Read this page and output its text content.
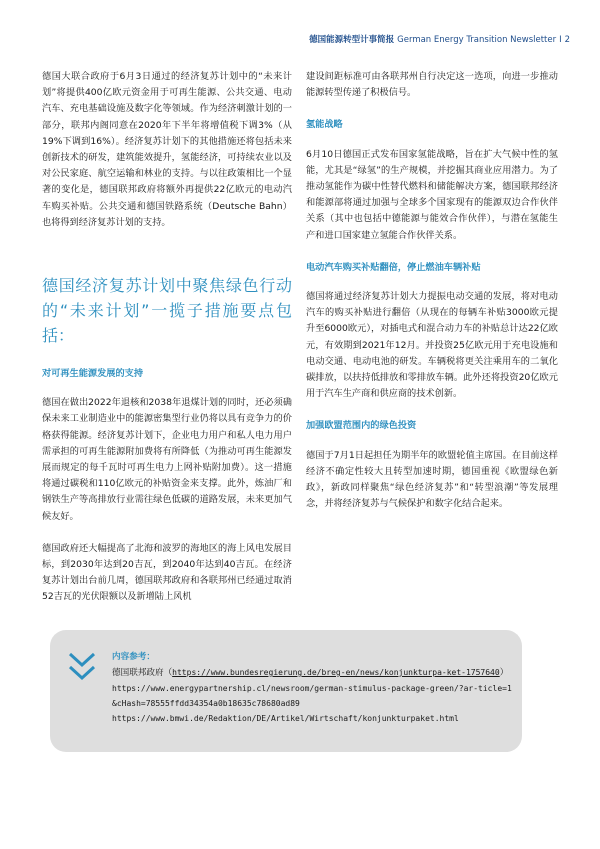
德国能源转型计事简报 German Energy Transition Newsletter I 2

德国大联合政府于6月3日通过的经济复苏计划中的“未来计划”将提供400亿欧元资金用于可再生能源、公共交通、电动汽车、充电基础设施及数字化等领域。作为经济刺激计划的一部分，联邦内阁同意在2020年下半年将增值税下调3%（从19%下调到16%）。经济复苏计划下的其他措施还将包括未来创新技术的研发，建筑能效提升，氢能经济，可持续农业以及对公民家庭、航空运输和林业的支持。与以往政策相比一个显著的变化是，德国联邦政府将额外再提供22亿欧元的电动汽车购买补贴。公共交通和德国铁路系统（Deutsche Bahn）也将得到经济复苏计划的支持。

德国经济复苏计划中聚焦绿色行动的“未来计划”一揽子措施要点包括：
对可再生能源发展的支持

德国在做出2022年退核和2038年退煤计划的同时，还必须确保未来工业制造业中的能源密集型行业仍将以具有竞争力的价格获得能源。经济复苏计划下，企业电力用户和私人电力用户需承担的可再生能源附加费将有所降低（为推动可再生能源发展而规定的每千瓦时可再生电力上网补贴附加费）。这一措施将通过碳税和110亿欧元的补贴资金来支撑。此外，炼油厂和钢铁生产等高排放行业需往绿色低碳的道路发展，未来更加气候友好。

德国政府还大幅提高了北海和波罗的海地区的海上风电发展目标，到2030年达到20吉瓦，到2040年达到40吉瓦。在经济复苏计划出台前几周，德国联邦政府和各联邦州已经通过取消52吉瓦的光伏限额以及新增陆上风机

建设间距标准可由各联邦州自行决定这一选项，向进一步推动能源转型传递了积极信号。

氢能战略

6月10日德国正式发布国家氢能战略，旨在扩大气候中性的氢能，尤其是“绿氢”的生产规模，并挖掘其商业应用潜力。为了推动氢能作为碳中性替代燃料和储能解决方案，德国联邦经济和能源部将通过加强与全球多个国家现有的能源双边合作伙伴关系（其中也包括中德能源与能效合作伙伴），与潜在氢能生产和进口国家建立氢能合作伙伴关系。

电动汽车购买补贴翻倍，停止燃油车辆补贴

德国将通过经济复苏计划大力提振电动交通的发展，将对电动汽车的购买补贴进行翻倍（从现在的每辆车补贴3000欧元提升至6000欧元），对插电式和混合动力车的补贴总计达22亿欧元，有效期到2021年12月。并投资25亿欧元用于充电设施和电动交通、电动电池的研发。车辆税将更关注乘用车的二氧化碳排放，以扶持低排放和零排放车辆。此外还将投资20亿欧元用于汽车生产商和供应商的技术创新。

加强欧盟范围内的绿色投资

德国于7月1日起担任为期半年的欧盟轮值主席国。在目前这样经济不确定性较大且转型加速时期，德国重视《欧盟绿色新政》，新政同样聚焦“绿色经济复苏”和“转型浪潮”等发展理念，并将经济复苏与气候保护和数字化结合起来。

内容参考：
德国联邦政府（https://www.bundesregierung.de/breg-en/news/konjunkturpa-ket-1757640）
https://www.energypartnership.cl/newsroom/german-stimulus-package-green/?ar-ticle=1&cHash=78555ffdd34354a0b18635c78680ad89
https://www.bmwi.de/Redaktion/DE/Artikel/Wirtschaft/konjunkturpaket.html
